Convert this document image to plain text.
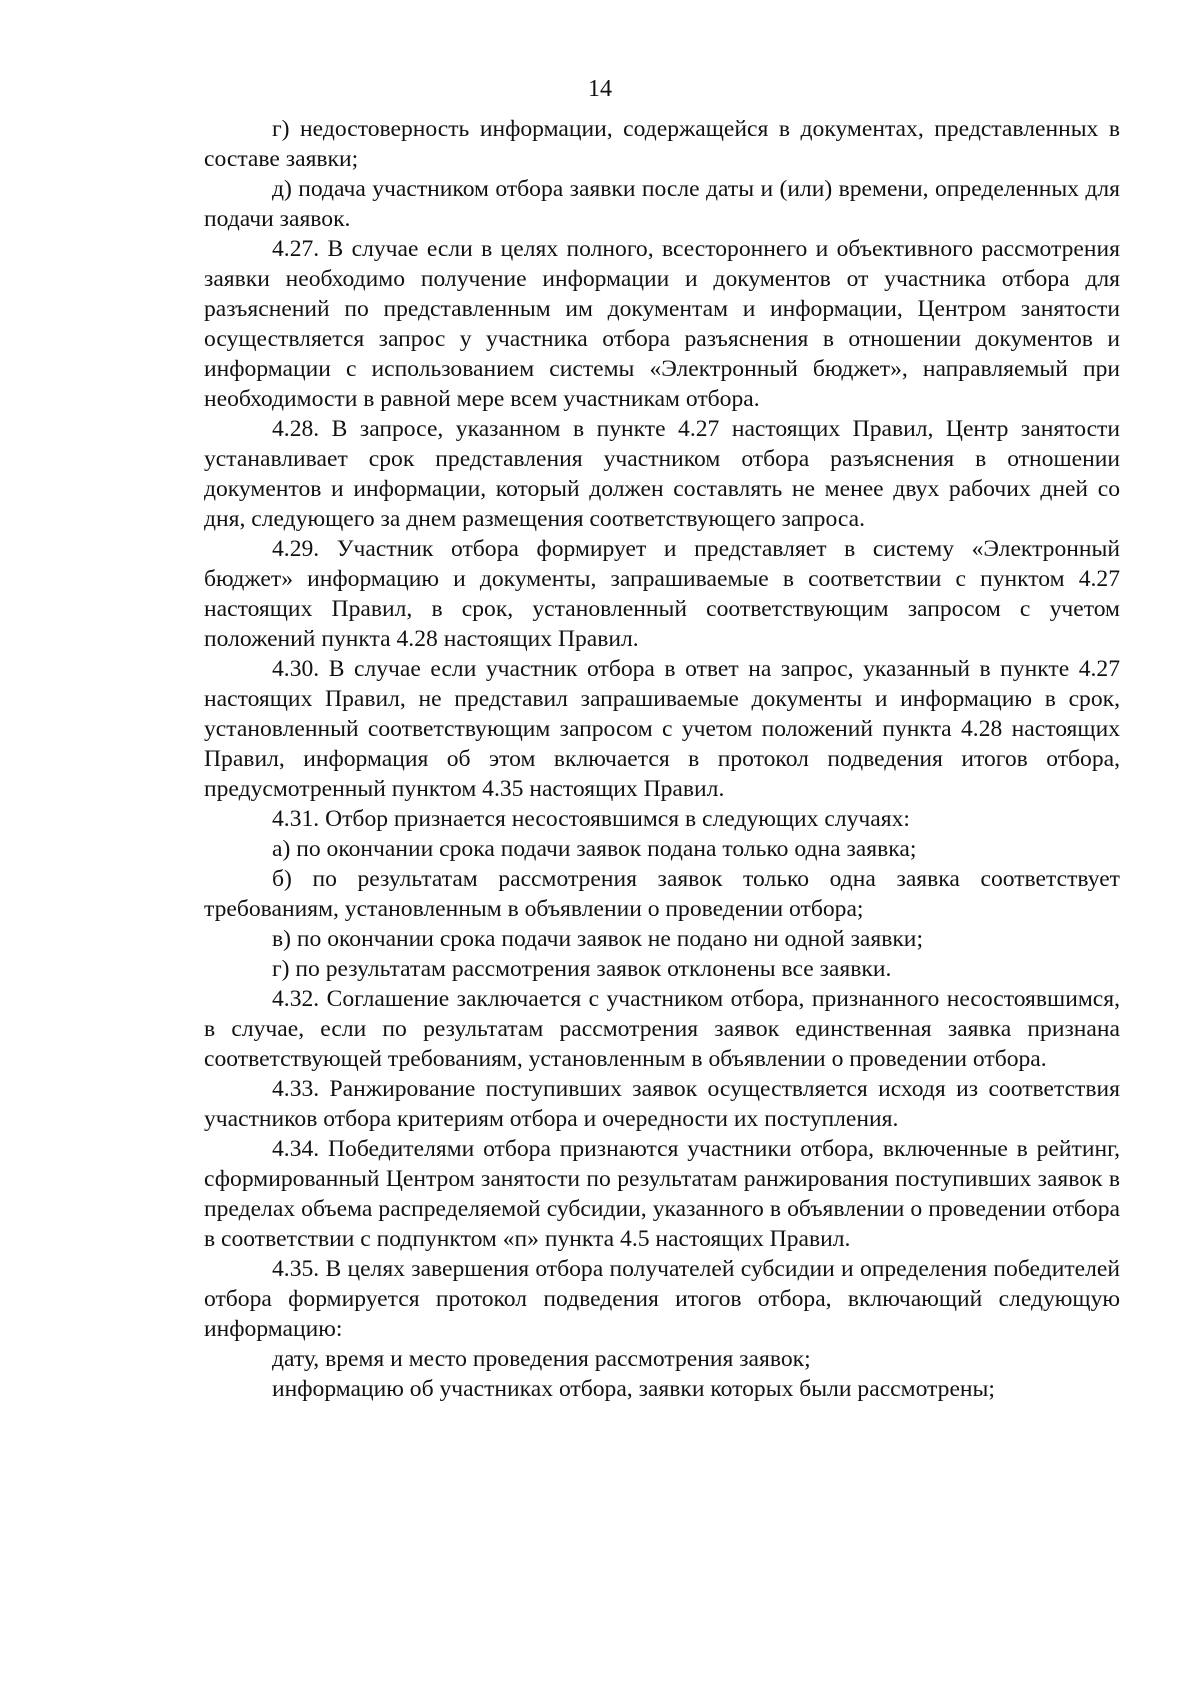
14

г) недостоверность информации, содержащейся в документах, представленных в составе заявки;

д) подача участником отбора заявки после даты и (или) времени, определенных для подачи заявок.

4.27. В случае если в целях полного, всестороннего и объективного рассмотрения заявки необходимо получение информации и документов от участника отбора для разъяснений по представленным им документам и информации, Центром занятости осуществляется запрос у участника отбора разъяснения в отношении документов и информации с использованием системы «Электронный бюджет», направляемый при необходимости в равной мере всем участникам отбора.

4.28. В запросе, указанном в пункте 4.27 настоящих Правил, Центр занятости устанавливает срок представления участником отбора разъяснения в отношении документов и информации, который должен составлять не менее двух рабочих дней со дня, следующего за днем размещения соответствующего запроса.

4.29. Участник отбора формирует и представляет в систему «Электронный бюджет» информацию и документы, запрашиваемые в соответствии с пунктом 4.27 настоящих Правил, в срок, установленный соответствующим запросом с учетом положений пункта 4.28 настоящих Правил.

4.30. В случае если участник отбора в ответ на запрос, указанный в пункте 4.27 настоящих Правил, не представил запрашиваемые документы и информацию в срок, установленный соответствующим запросом с учетом положений пункта 4.28 настоящих Правил, информация об этом включается в протокол подведения итогов отбора, предусмотренный пунктом 4.35 настоящих Правил.

4.31. Отбор признается несостоявшимся в следующих случаях:

а) по окончании срока подачи заявок подана только одна заявка;

б) по результатам рассмотрения заявок только одна заявка соответствует требованиям, установленным в объявлении о проведении отбора;

в) по окончании срока подачи заявок не подано ни одной заявки;

г) по результатам рассмотрения заявок отклонены все заявки.

4.32. Соглашение заключается с участником отбора, признанного несостоявшимся, в случае, если по результатам рассмотрения заявок единственная заявка признана соответствующей требованиям, установленным в объявлении о проведении отбора.

4.33. Ранжирование поступивших заявок осуществляется исходя из соответствия участников отбора критериям отбора и очередности их поступления.

4.34. Победителями отбора признаются участники отбора, включенные в рейтинг, сформированный Центром занятости по результатам ранжирования поступивших заявок в пределах объема распределяемой субсидии, указанного в объявлении о проведении отбора в соответствии с подпунктом «п» пункта 4.5 настоящих Правил.

4.35. В целях завершения отбора получателей субсидии и определения победителей отбора формируется протокол подведения итогов отбора, включающий следующую информацию:

дату, время и место проведения рассмотрения заявок;

информацию об участниках отбора, заявки которых были рассмотрены;
